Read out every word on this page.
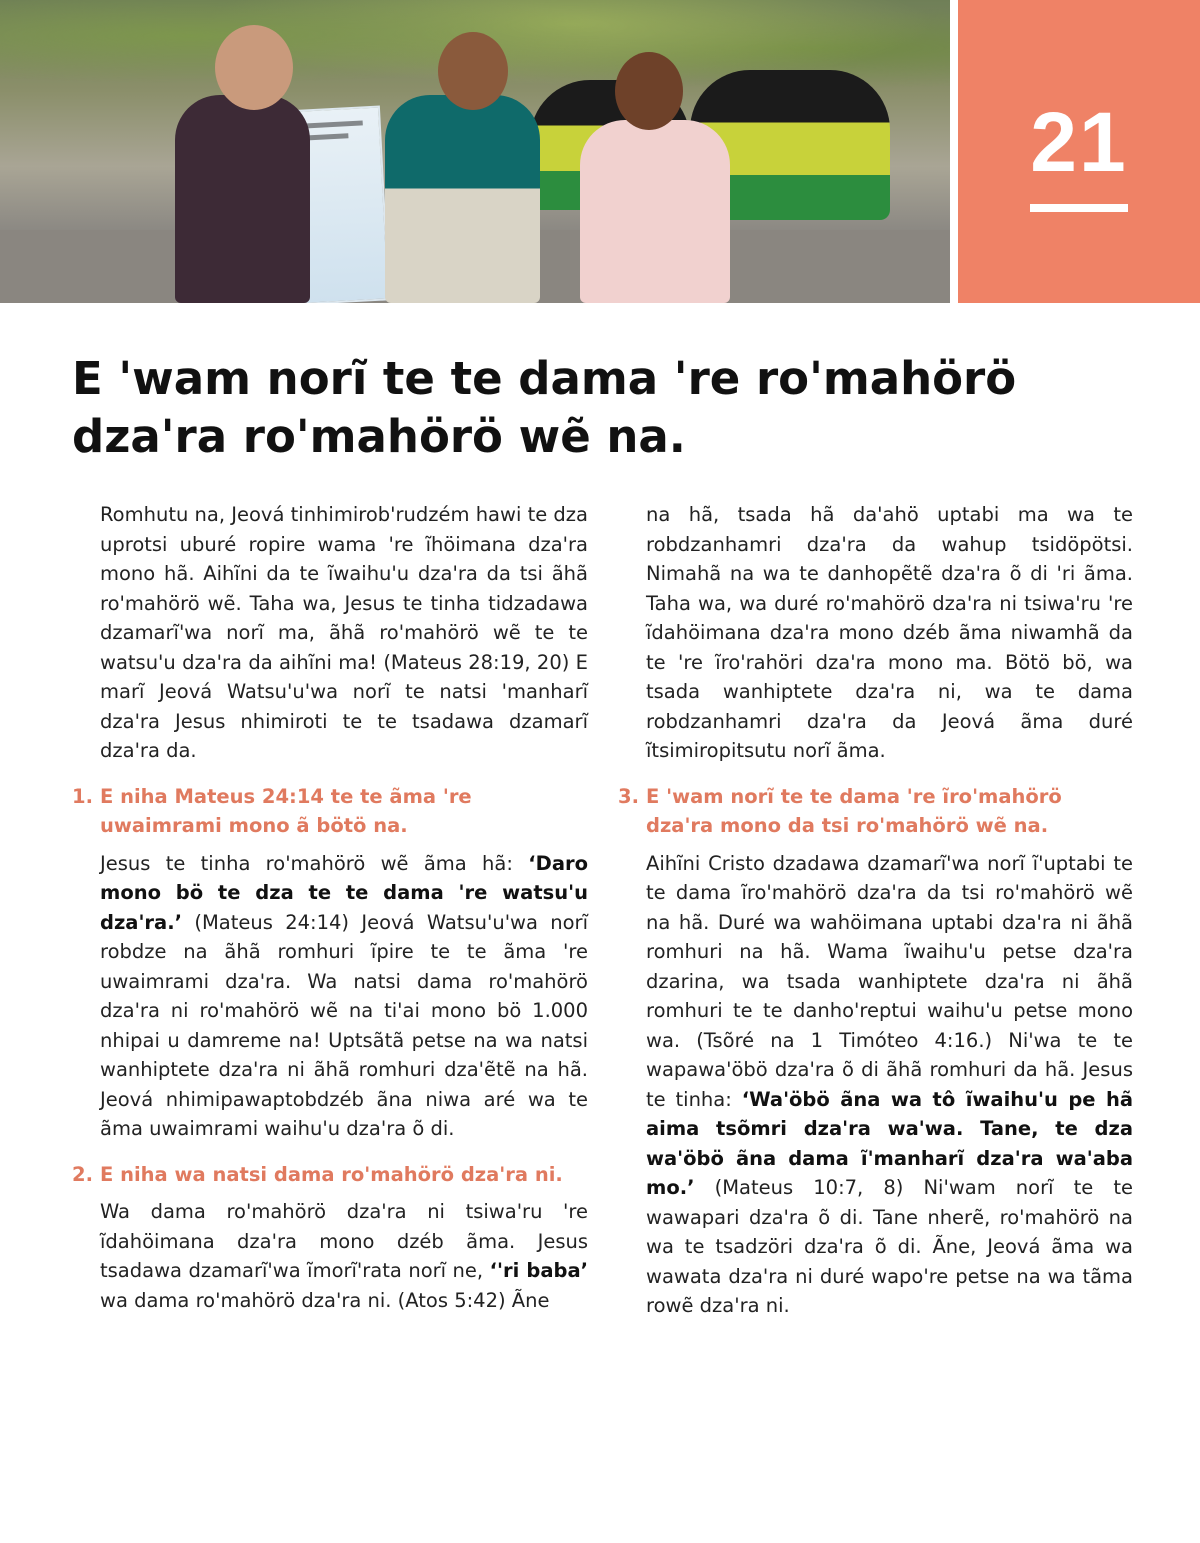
21
E 'wam norĩ te te dama 're ro'mahörö dza'ra ro'mahörö wẽ na.

Romhutu na, Jeová tinhimirob'rudzém hawi te dza uprotsi uburé ropire wama 're ĩhöimana dza'ra mono hã. Aihĩni da te ĩwaihu'u dza'ra da tsi ãhã ro'mahörö wẽ. Taha wa, Jesus te tinha tidzadawa dzamarĩ'wa norĩ ma, ãhã ro'mahörö wẽ te te watsu'u dza'ra da aihĩni ma! (Mateus 28:19, 20) E marĩ Jeová Watsu'u'wa norĩ te natsi 'manharĩ dza'ra Jesus nhimiroti te te tsadawa dzamarĩ dza'ra da.

1. E niha Mateus 24:14 te te ãma 're uwaimrami mono ã bötö na.

Jesus te tinha ro'mahörö wẽ ãma hã: ‘Daro mono bö te dza te te dama 're watsu'u dza'ra.’ (Mateus 24:14) Jeová Watsu'u'wa norĩ robdze na ãhã romhuri ĩpire te te ãma 're uwaimrami dza'ra. Wa natsi dama ro'mahörö dza'ra ni ro'mahörö wẽ na ti'ai mono bö 1.000 nhipai u damreme na! Uptsãtã petse na wa natsi wanhiptete dza'ra ni ãhã romhuri dza'ẽtẽ na hã. Jeová nhimipawaptobdzéb ãna niwa aré wa te ãma uwaimrami waihu'u dza'ra õ di.

2. E niha wa natsi dama ro'mahörö dza'ra ni.

Wa dama ro'mahörö dza'ra ni tsiwa'ru 're ĩdahöimana dza'ra mono dzéb ãma. Jesus tsadawa dzamarĩ'wa ĩmorĩ'rata norĩ ne, ‘'ri baba’ wa dama ro'mahörö dza'ra ni. (Atos 5:42) Ãne

na hã, tsada hã da'ahö uptabi ma wa te robdzanhamri dza'ra da wahup tsidöpötsi. Nimahã na wa te danhopẽtẽ dza'ra õ di 'ri ãma. Taha wa, wa duré ro'mahörö dza'ra ni tsiwa'ru 're ĩdahöimana dza'ra mono dzéb ãma niwamhã da te 're ĩro'rahöri dza'ra mono ma. Bötö bö, wa tsada wanhiptete dza'ra ni, wa te dama robdzanhamri dza'ra da Jeová ãma duré ĩtsimiropitsutu norĩ ãma.

3. E 'wam norĩ te te dama 're ĩro'mahörö dza'ra mono da tsi ro'mahörö wẽ na.

Aihĩni Cristo dzadawa dzamarĩ'wa norĩ ĩ'uptabi te te dama ĩro'mahörö dza'ra da tsi ro'mahörö wẽ na hã. Duré wa wahöimana uptabi dza'ra ni ãhã romhuri na hã. Wama ĩwaihu'u petse dza'ra dzarina, wa tsada wanhiptete dza'ra ni ãhã romhuri te te danho'reptui waihu'u petse mono wa. (Tsõré na 1 Timóteo 4:16.) Ni'wa te te wapawa'öbö dza'ra õ di ãhã romhuri da hã. Jesus te tinha: ‘Wa'öbö ãna wa tô ĩwaihu'u pe hã aima tsõmri dza'ra wa'wa. Tane, te dza wa'öbö ãna dama ĩ'manharĩ dza'ra wa'aba mo.’ (Mateus 10:7, 8) Ni'wam norĩ te te wawapari dza'ra õ di. Tane nherẽ, ro'mahörö na wa te tsadzöri dza'ra õ di. Ãne, Jeová ãma wa wawata dza'ra ni duré wapo're petse na wa tãma rowẽ dza'ra ni.
